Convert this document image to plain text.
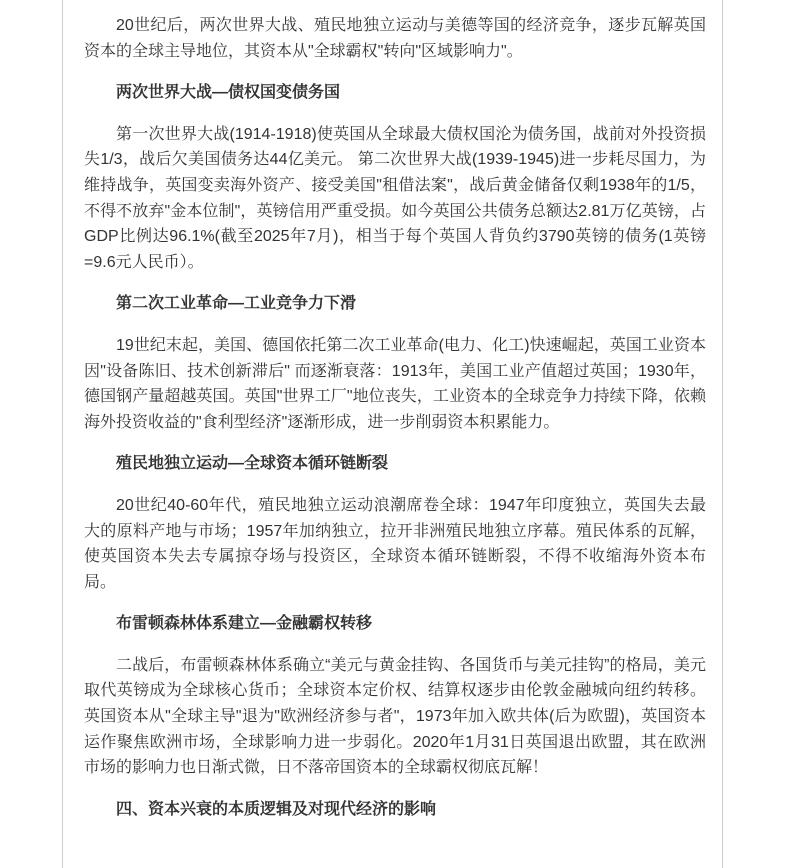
20世纪后，两次世界大战、殖民地独立运动与美德等国的经济竞争，逐步瓦解英国资本的全球主导地位，其资本从"全球霸权"转向"区域影响力"。

两次世界大战—债权国变债务国

第一次世界大战(1914-1918)使英国从全球最大债权国沦为债务国，战前对外投资损失1/3，战后欠美国债务达44亿美元。 第二次世界大战(1939-1945)进一步耗尽国力，为维持战争，英国变卖海外资产、接受美国"租借法案"，战后黄金储备仅剩1938年的1/5，不得不放弃"金本位制"，英镑信用严重受损。如今英国公共债务总额达2.81万亿英镑，占GDP比例达96.1%(截至2025年7月)，相当于每个英国人背负约3790英镑的债务(1英镑=9.6元人民币）。

第二次工业革命—工业竞争力下滑

19世纪末起，美国、德国依托第二次工业革命(电力、化工)快速崛起，英国工业资本因"设备陈旧、技术创新滞后" 而逐渐衰落：1913年，美国工业产值超过英国；1930年，德国钢产量超越英国。英国"世界工厂"地位丧失，工业资本的全球竞争力持续下降，依赖海外投资收益的"食利型经济"逐渐形成，进一步削弱资本积累能力。

殖民地独立运动—全球资本循环链断裂

20世纪40-60年代，殖民地独立运动浪潮席卷全球：1947年印度独立，英国失去最大的原料产地与市场；1957年加纳独立，拉开非洲殖民地独立序幕。殖民体系的瓦解，使英国资本失去专属掠夺场与投资区，全球资本循环链断裂，不得不收缩海外资本布局。

布雷顿森林体系建立—金融霸权转移

二战后，布雷顿森林体系确立“美元与黄金挂钩、各国货币与美元挂钩”的格局，美元取代英镑成为全球核心货币；全球资本定价权、结算权逐步由伦敦金融城向纽约转移。英国资本从"全球主导"退为"欧洲经济参与者"，1973年加入欧共体(后为欧盟)，英国资本运作聚焦欧洲市场，全球影响力进一步弱化。2020年1月31日英国退出欧盟，其在欧洲市场的影响力也日渐式微，日不落帝国资本的全球霸权彻底瓦解！

四、资本兴衰的本质逻辑及对现代经济的影响
